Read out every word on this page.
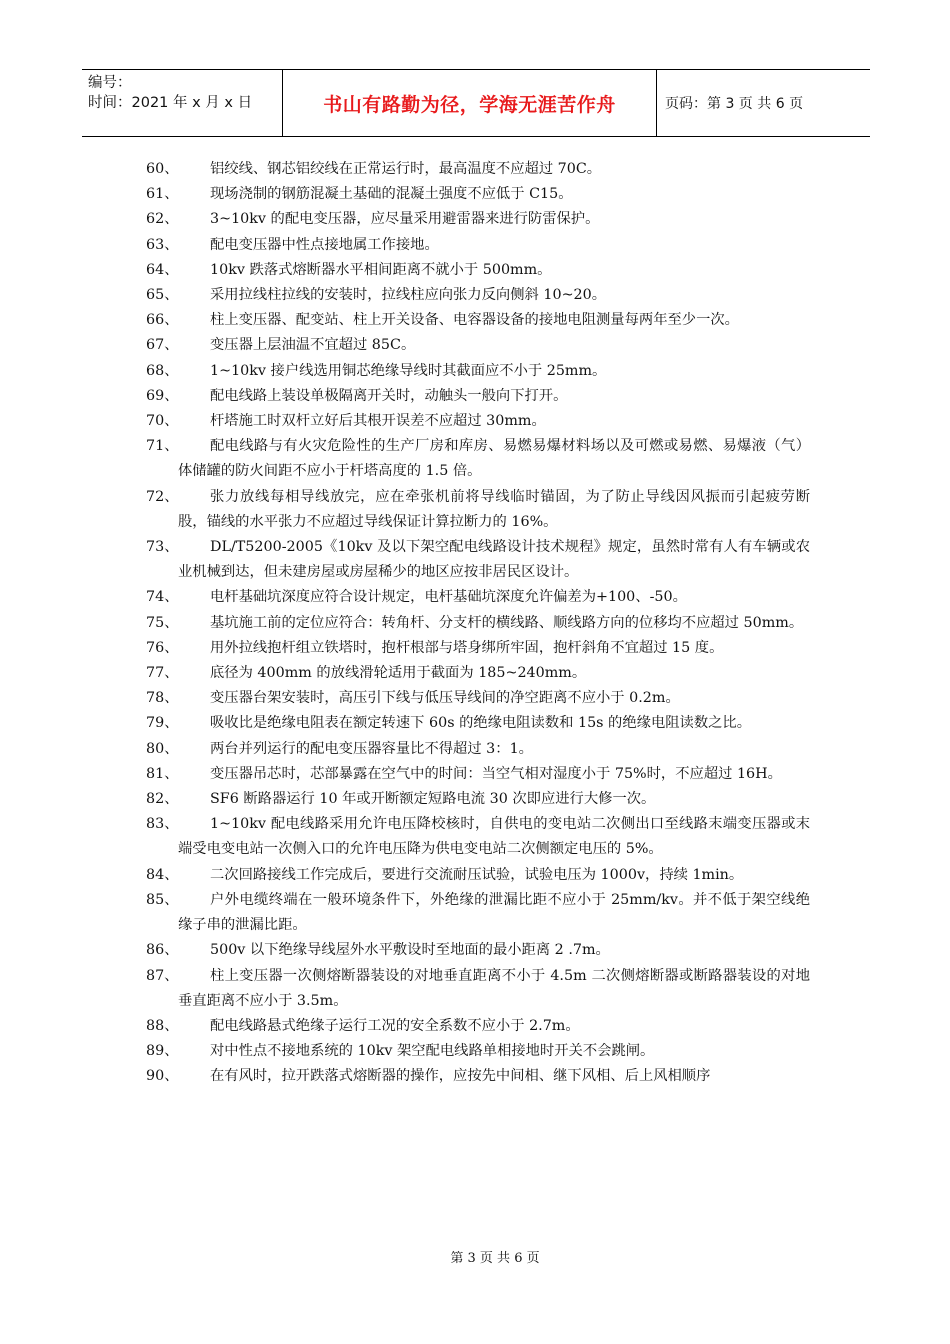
编号：
时间：2021 年 x 月 x 日	书山有路勤为径，学海无涯苦作舟	页码：第 3 页 共 6 页
60、	铝绞线、钢芯铝绞线在正常运行时，最高温度不应超过 70C。
61、	现场浇制的钢筋混凝土基础的混凝土强度不应低于 C15。
62、	3~10kv 的配电变压器，应尽量采用避雷器来进行防雷保护。
63、	配电变压器中性点接地属工作接地。
64、	10kv 跌落式熔断器水平相间距离不就小于 500mm。
65、	采用拉线柱拉线的安装时，拉线柱应向张力反向侧斜 10~20。
66、	柱上变压器、配变站、柱上开关设备、电容器设备的接地电阻测量每两年至少一次。
67、	变压器上层油温不宜超过 85C。
68、	1~10kv 接户线选用铜芯绝缘导线时其截面应不小于 25mm。
69、	配电线路上装设单极隔离开关时，动触头一般向下打开。
70、	杆塔施工时双杆立好后其根开误差不应超过 30mm。
71、	配电线路与有火灾危险性的生产厂房和库房、易燃易爆材料场以及可燃或易燃、易爆液（气）体储罐的防火间距不应小于杆塔高度的 1.5 倍。
72、	张力放线每相导线放完，应在牵张机前将导线临时锚固，为了防止导线因风振而引起疲劳断股，锚线的水平张力不应超过导线保证计算拉断力的 16%。
73、	DL/T5200-2005《10kv 及以下架空配电线路设计技术规程》规定，虽然时常有人有车辆或农业机械到达，但未建房屋或房屋稀少的地区应按非居民区设计。
74、	电杆基础坑深度应符合设计规定，电杆基础坑深度允许偏差为+100、-50。
75、	基坑施工前的定位应符合：转角杆、分支杆的横线路、顺线路方向的位移均不应超过 50mm。
76、	用外拉线抱杆组立铁塔时，抱杆根部与塔身绑所牢固，抱杆斜角不宜超过 15 度。
77、	底径为 400mm 的放线滑轮适用于截面为 185~240mm。
78、	变压器台架安装时，高压引下线与低压导线间的净空距离不应小于 0.2m。
79、	吸收比是绝缘电阻表在额定转速下 60s 的绝缘电阻读数和 15s 的绝缘电阻读数之比。
80、	两台并列运行的配电变压器容量比不得超过 3：1。
81、	变压器吊芯时，芯部暴露在空气中的时间：当空气相对湿度小于 75%时，不应超过 16H。
82、	SF6 断路器运行 10 年或开断额定短路电流 30 次即应进行大修一次。
83、	1~10kv 配电线路采用允许电压降校核时，自供电的变电站二次侧出口至线路末端变压器或末端受电变电站一次侧入口的允许电压降为供电变电站二次侧额定电压的 5%。
84、	二次回路接线工作完成后，要进行交流耐压试验，试验电压为 1000v，持续 1min。
85、	户外电缆终端在一般环境条件下，外绝缘的泄漏比距不应小于 25mm/kv。并不低于架空线绝缘子串的泄漏比距。
86、	500v 以下绝缘导线屋外水平敷设时至地面的最小距离 2 .7m。
87、	柱上变压器一次侧熔断器装设的对地垂直距离不小于 4.5m 二次侧熔断器或断路器装设的对地垂直距离不应小于 3.5m。
88、	配电线路悬式绝缘子运行工况的安全系数不应小于 2.7m。
89、	对中性点不接地系统的 10kv 架空配电线路单相接地时开关不会跳闸。
90、	在有风时，拉开跌落式熔断器的操作，应按先中间相、继下风相、后上风相顺序
第 3 页 共 6 页
